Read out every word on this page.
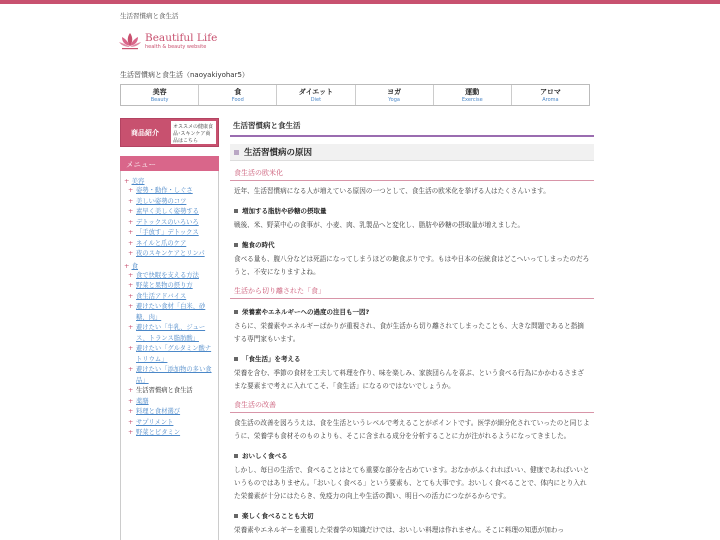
生活習慣病と食生活
Beautiful Life
health & beauty website
生活習慣病と食生活（naoyakiyohar5）
美容
Beauty
食
Food
ダイエット
Diet
ヨガ
Yoga
運動
Exercise
アロマ
Aroma
商品紹介
オススメの健康食品･スキンケア商品はこちら
メニュー
+ 美容
+ 姿勢・動作・しぐさ
+ 美しい姿勢のコツ
+ 素早く美しく姿勢する
+ デトックスのいろいろ
+ 「手放す」デトックス
+ ネイルと爪のケア
+ 夜のスキンケアとリンパ
+ 食
+ 食で快眠を支える方法
+ 野菜と果物の摂り方
+ 食生活アドバイス
+ 避けたい食材「白米、砂糖、肉」
+ 避けたい「牛乳、ジュース、トランス脂肪酸」
+ 避けたい「グルタミン酸ナトリウム」
+ 避けたい「添加物の多い食品」
+ 生活習慣病と食生活
+ 薬膳
+ 料理と食材選び
+ サプリメント
+ 野菜とビタミン
生活習慣病と食生活
生活習慣病の原因
食生活の欧米化
近年、生活習慣病になる人が増えている原因の一つとして、食生活の欧米化を挙げる人はたくさんいます。
増加する脂肪や砂糖の摂取量
戦後、米、野菜中心の食事が、小麦、肉、乳製品へと変化し、脂肪や砂糖の摂取量が増えました。
飽食の時代
食べる量も、腹八分などは死語になってしまうほどの飽食ぶりです。もはや日本の伝統食はどこへいってしまったのだろうと、不安になりますよね。
生活から切り離された「食」
栄養素やエネルギーへの過度の注目も一因?
さらに、栄養素やエネルギーばかりが重視され、食が生活から切り離されてしまったことも、大きな問題であると指摘する専門家もいます。
「食生活」を考える
栄養を含む、季節の食材を工夫して料理を作り、味を楽しみ、家族団らんを喜ぶ、という食べる行為にかかわるさまざまな要素まで考えに入れてこそ、「食生活」になるのではないでしょうか。
食生活の改善
食生活の改善を図ろうえは、食を生活というレベルで考えることがポイントです。医学が細分化されていったのと同じように、栄養学も食材そのものよりも、そこに含まれる成分を分析することに力が注がれるようになってきました。
おいしく食べる
しかし、毎日の生活で、食べることはとても重要な部分を占めています。おなかがふくれればいい、健康であればいいというものではありません。「おいしく食べる」という要素も、とても大事です。おいしく食べることで、体内にとり入れた栄養素が十分にはたらき、免疫力の向上や生活の潤い、明日への活力につながるからです。
楽しく食べることも大切
栄養素やエネルギーを重視した栄養学の知識だけでは、おいしい料理は作れません。そこに料理の知恵が加わっ
